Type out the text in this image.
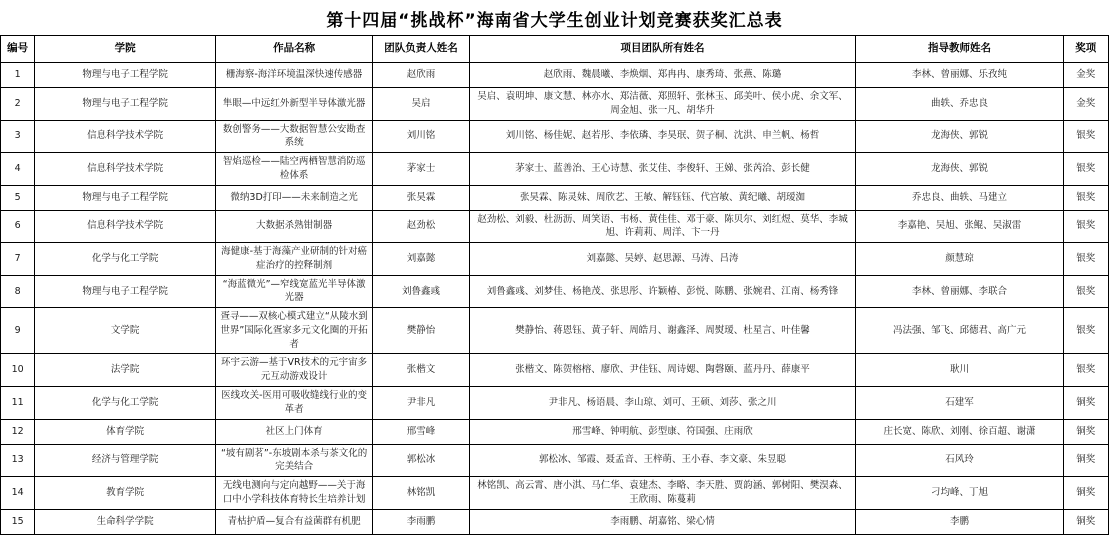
第十四届“挑战杯”海南省大学生创业计划竞赛获奖汇总表
编号	学院	作品名称	团队负责人姓名	项目团队所有姓名	指导教师姓名	奖项
1	物理与电子工程学院	栅海察-海洋环境温深快速传感器	赵欣雨	赵欣雨、魏晨曦、李焕烟、郑冉冉、康秀琦、张燕、陈璐	李林、曾丽娜、乐孜纯	金奖
2	物理与电子工程学院	隼眼—中远红外新型半导体激光器	吴启	吴启、袁明坤、康文慧、林亦水、郑洁薇、郑照轩、张林玉、邱美叶、侯小虎、余文军、周金旭、张一凡、胡华升	曲轶、乔忠良	金奖
3	信息科学技术学院	数创警务——大数据智慧公安勘查系统	刘川铭	刘川铭、杨佳妮、赵若彤、李依璘、李昊珉、贺子桐、沈洪、申兰帆、杨哲	龙海侠、郭锐	银奖
4	信息科学技术学院	智焰巡检——陆空两栖智慧消防巡检体系	茅家士	茅家士、蓝善治、王心诗慧、张艾佳、李俊轩、王娣、张芮洽、彭长健	龙海侠、郭锐	银奖
5	物理与电子工程学院	微纳3D打印——未来制造之光	张昊霖	张昊霖、陈灵妹、周欣艺、王敏、解钰钰、代宫敏、黄纪曦、胡瑷洳	乔忠良、曲轶、马建立	银奖
6	信息科学技术学院	大数据杀熟钳制器	赵劲松	赵劲松、刘毅、杜沥沥、周笑语、韦杨、黄佳佳、邓于豪、陈贝尔、刘红煜、莫华、李城旭、许莉莉、周洋、卞一丹	李嘉艳、吴旭、张鲲、吴淑雷	银奖
7	化学与化工学院	海健康-基于海藻产业研制的针对癌症治疗的控释制剂	刘嘉懿	刘嘉懿、吴婷、赵思源、马涛、吕涛	颜慧琼	银奖
8	物理与电子工程学院	“海蓝微光”—窄线宽蓝光半导体激光器	刘鲁鑫彧	刘鲁鑫彧、刘梦佳、杨艳茂、张思彤、许颖椿、彭悦、陈鹏、张婉君、江南、杨秀锋	李林、曾丽娜、李联合	银奖
9	文学院	疍寻——双核心模式建立“从陵水到世界”国际化疍家多元文化圈的开拓者	樊静怡	樊静怡、蒋恩钰、黄子轩、周皓月、谢鑫泽、周熨瑷、杜星言、叶佳馨	冯法强、邹飞、邱德君、高广元	银奖
10	法学院	环宇云游—基于VR技术的元宇宙多元互动游戏设计	张楷文	张楷文、陈贺榕榕、廖欣、尹佳钰、周诗媤、陶磬颐、蓝丹丹、薛康平	耿川	银奖
11	化学与化工学院	医线攻关-医用可吸收缝线行业的变革者	尹非凡	尹非凡、杨语晨、李山琼、刘可、王硕、刘莎、张之川	石建军	铜奖
12	体育学院	社区上门体育	邢雪峰	邢雪峰、钟明航、彭型康、符国强、庄雨欣	庄长宽、陈欣、刘刚、徐百超、谢潇	铜奖
13	经济与管理学院	“坡有剧茗”-东坡剧本杀与茶文化的完美结合	郭松冰	郭松冰、邹霞、聂孟音、王梓萌、王小春、李文豪、朱昱聪	石风玲	铜奖
14	教育学院	无线电测向与定向越野——关于海口中小学科技体育特长生培养计划	林铭凯	林铭凯、高云霄、唐小淇、马仁华、袁建杰、李略、李天胜、贾韵涵、郭树阳、樊淏森、王欣雨、陈蔓莉	刁均峰、丁旭	铜奖
15	生命科学学院	青枯护盾—复合有益菌群有机肥	李雨鹏	李雨鹏、胡嘉铭、梁心情	李鹏	铜奖
